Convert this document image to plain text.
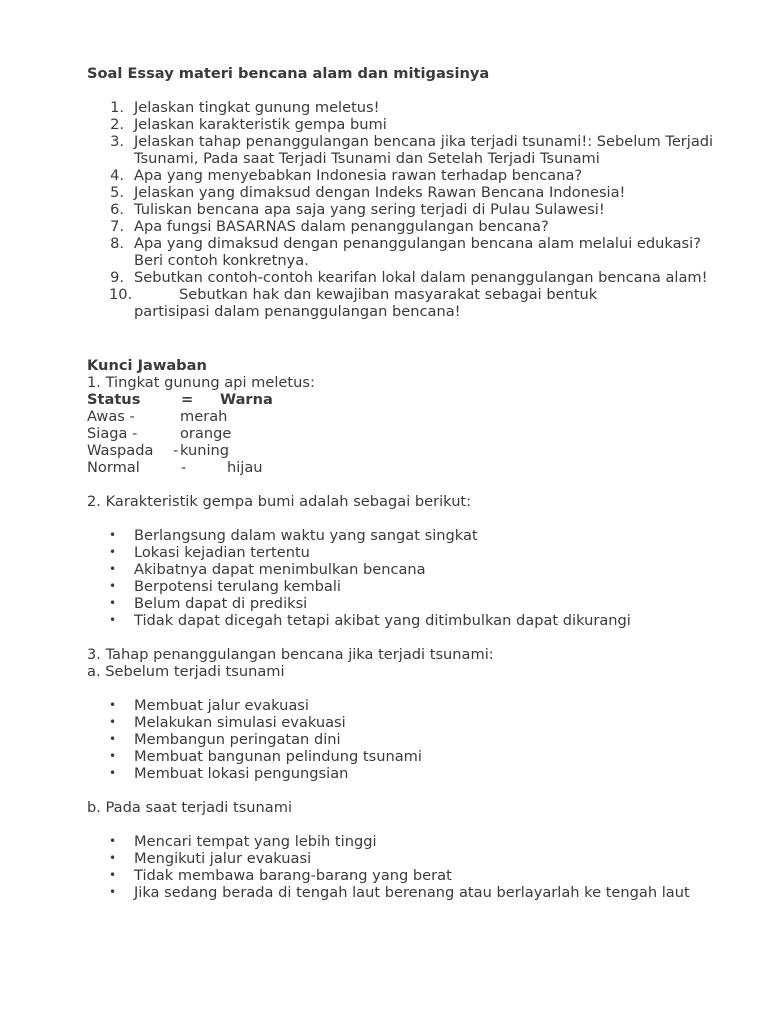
Soal Essay materi bencana alam dan mitigasinya
1. Jelaskan tingkat gunung meletus!
2. Jelaskan karakteristik gempa bumi
3. Jelaskan tahap penanggulangan bencana jika terjadi tsunami!: Sebelum Terjadi Tsunami, Pada saat Terjadi Tsunami dan Setelah Terjadi Tsunami
4. Apa yang menyebabkan Indonesia rawan terhadap bencana?
5. Jelaskan yang dimaksud dengan Indeks Rawan Bencana Indonesia!
6. Tuliskan bencana apa saja yang sering terjadi di Pulau Sulawesi!
7. Apa fungsi BASARNAS dalam penanggulangan bencana?
8. Apa yang dimaksud dengan penanggulangan bencana alam melalui edukasi? Beri contoh konkretnya.
9. Sebutkan contoh-contoh kearifan lokal dalam penanggulangan bencana alam!
10.	Sebutkan hak dan kewajiban masyarakat sebagai bentuk
partisipasi dalam penanggulangan bencana!
Kunci Jawaban
1. Tingkat gunung api meletus:
Status	= Warna
Awas -	merah
Siaga -	orange
Waspada - kuning
Normal	-	hijau
2. Karakteristik gempa bumi adalah sebagai berikut:
• Berlangsung dalam waktu yang sangat singkat
• Lokasi kejadian tertentu
• Akibatnya dapat menimbulkan bencana
• Berpotensi terulang kembali
• Belum dapat di prediksi
• Tidak dapat dicegah tetapi akibat yang ditimbulkan dapat dikurangi
3. Tahap penanggulangan bencana jika terjadi tsunami:
a. Sebelum terjadi tsunami
• Membuat jalur evakuasi
• Melakukan simulasi evakuasi
• Membangun peringatan dini
• Membuat bangunan pelindung tsunami
• Membuat lokasi pengungsian
b. Pada saat terjadi tsunami
• Mencari tempat yang lebih tinggi
• Mengikuti jalur evakuasi
• Tidak membawa barang-barang yang berat
• Jika sedang berada di tengah laut berenang atau berlayarlah ke tengah laut
